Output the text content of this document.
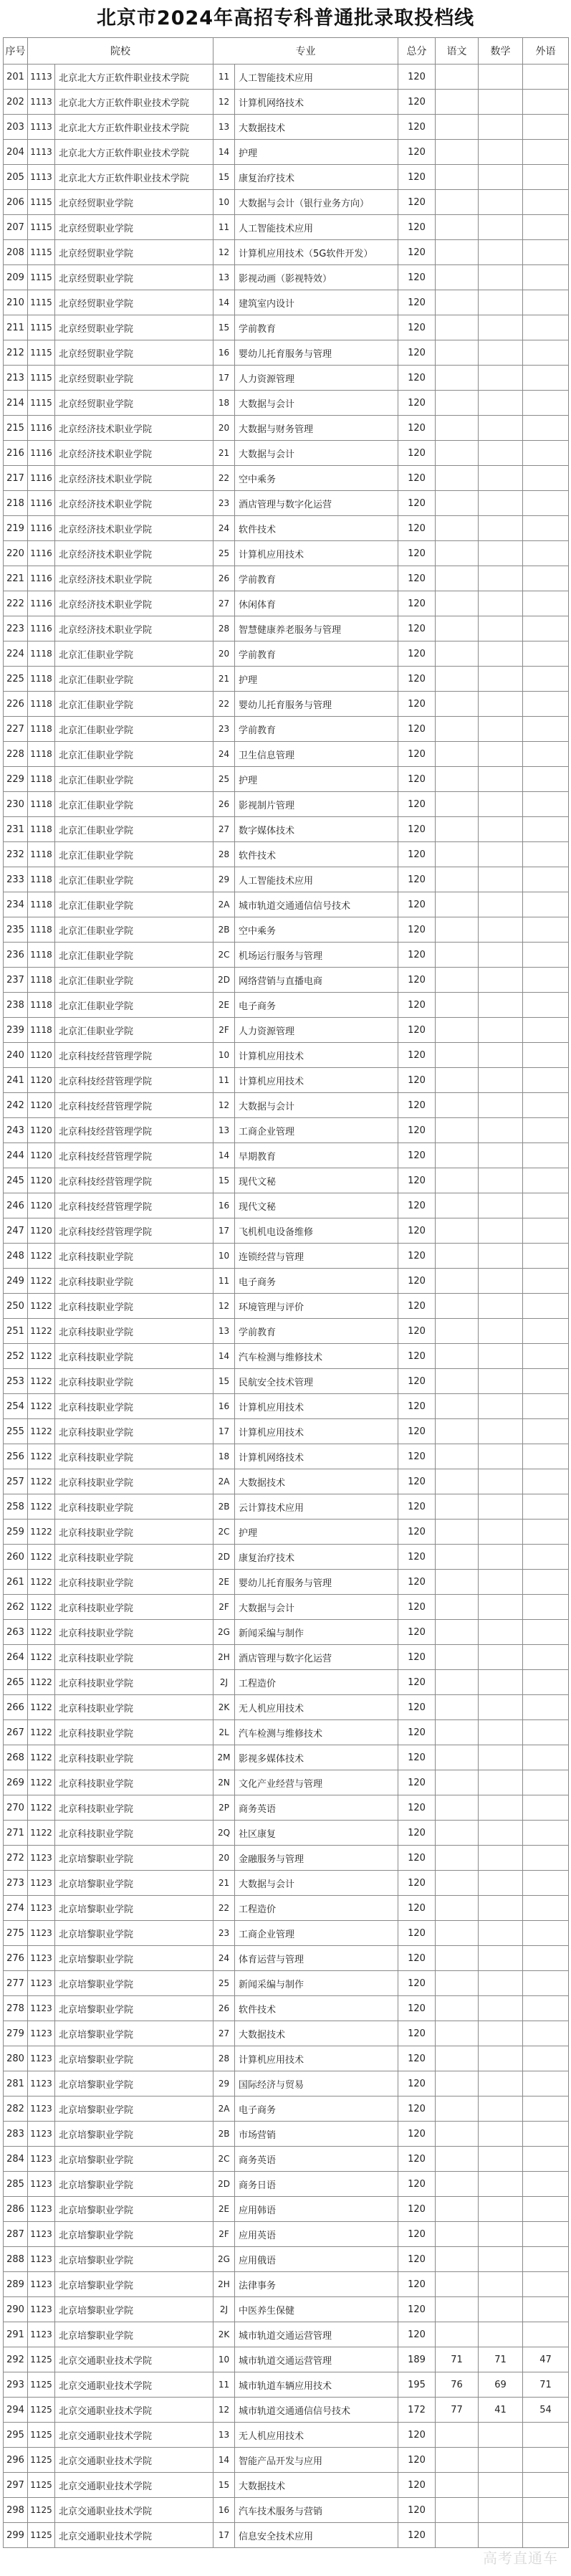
北京市2024年高招专科普通批录取投档线
序号	院校		专业		总分	语文	数学	外语
201	1113	北京北大方正软件职业技术学院	11	人工智能技术应用	120			
202	1113	北京北大方正软件职业技术学院	12	计算机网络技术	120			
203	1113	北京北大方正软件职业技术学院	13	大数据技术	120			
204	1113	北京北大方正软件职业技术学院	14	护理	120			
205	1113	北京北大方正软件职业技术学院	15	康复治疗技术	120			
206	1115	北京经贸职业学院	10	大数据与会计（银行业务方向）	120			
207	1115	北京经贸职业学院	11	人工智能技术应用	120			
208	1115	北京经贸职业学院	12	计算机应用技术（5G软件开发）	120			
209	1115	北京经贸职业学院	13	影视动画（影视特效）	120			
210	1115	北京经贸职业学院	14	建筑室内设计	120			
211	1115	北京经贸职业学院	15	学前教育	120			
212	1115	北京经贸职业学院	16	婴幼儿托育服务与管理	120			
213	1115	北京经贸职业学院	17	人力资源管理	120			
214	1115	北京经贸职业学院	18	大数据与会计	120			
215	1116	北京经济技术职业学院	20	大数据与财务管理	120			
216	1116	北京经济技术职业学院	21	大数据与会计	120			
217	1116	北京经济技术职业学院	22	空中乘务	120			
218	1116	北京经济技术职业学院	23	酒店管理与数字化运营	120			
219	1116	北京经济技术职业学院	24	软件技术	120			
220	1116	北京经济技术职业学院	25	计算机应用技术	120			
221	1116	北京经济技术职业学院	26	学前教育	120			
222	1116	北京经济技术职业学院	27	休闲体育	120			
223	1116	北京经济技术职业学院	28	智慧健康养老服务与管理	120			
224	1118	北京汇佳职业学院	20	学前教育	120			
225	1118	北京汇佳职业学院	21	护理	120			
226	1118	北京汇佳职业学院	22	婴幼儿托育服务与管理	120			
227	1118	北京汇佳职业学院	23	学前教育	120			
228	1118	北京汇佳职业学院	24	卫生信息管理	120			
229	1118	北京汇佳职业学院	25	护理	120			
230	1118	北京汇佳职业学院	26	影视制片管理	120			
231	1118	北京汇佳职业学院	27	数字媒体技术	120			
232	1118	北京汇佳职业学院	28	软件技术	120			
233	1118	北京汇佳职业学院	29	人工智能技术应用	120			
234	1118	北京汇佳职业学院	2A	城市轨道交通通信信号技术	120			
235	1118	北京汇佳职业学院	2B	空中乘务	120			
236	1118	北京汇佳职业学院	2C	机场运行服务与管理	120			
237	1118	北京汇佳职业学院	2D	网络营销与直播电商	120			
238	1118	北京汇佳职业学院	2E	电子商务	120			
239	1118	北京汇佳职业学院	2F	人力资源管理	120			
240	1120	北京科技经营管理学院	10	计算机应用技术	120			
241	1120	北京科技经营管理学院	11	计算机应用技术	120			
242	1120	北京科技经营管理学院	12	大数据与会计	120			
243	1120	北京科技经营管理学院	13	工商企业管理	120			
244	1120	北京科技经营管理学院	14	早期教育	120			
245	1120	北京科技经营管理学院	15	现代文秘	120			
246	1120	北京科技经营管理学院	16	现代文秘	120			
247	1120	北京科技经营管理学院	17	飞机机电设备维修	120			
248	1122	北京科技职业学院	10	连锁经营与管理	120			
249	1122	北京科技职业学院	11	电子商务	120			
250	1122	北京科技职业学院	12	环境管理与评价	120			
251	1122	北京科技职业学院	13	学前教育	120			
252	1122	北京科技职业学院	14	汽车检测与维修技术	120			
253	1122	北京科技职业学院	15	民航安全技术管理	120			
254	1122	北京科技职业学院	16	计算机应用技术	120			
255	1122	北京科技职业学院	17	计算机应用技术	120			
256	1122	北京科技职业学院	18	计算机网络技术	120			
257	1122	北京科技职业学院	2A	大数据技术	120			
258	1122	北京科技职业学院	2B	云计算技术应用	120			
259	1122	北京科技职业学院	2C	护理	120			
260	1122	北京科技职业学院	2D	康复治疗技术	120			
261	1122	北京科技职业学院	2E	婴幼儿托育服务与管理	120			
262	1122	北京科技职业学院	2F	大数据与会计	120			
263	1122	北京科技职业学院	2G	新闻采编与制作	120			
264	1122	北京科技职业学院	2H	酒店管理与数字化运营	120			
265	1122	北京科技职业学院	2J	工程造价	120			
266	1122	北京科技职业学院	2K	无人机应用技术	120			
267	1122	北京科技职业学院	2L	汽车检测与维修技术	120			
268	1122	北京科技职业学院	2M	影视多媒体技术	120			
269	1122	北京科技职业学院	2N	文化产业经营与管理	120			
270	1122	北京科技职业学院	2P	商务英语	120			
271	1122	北京科技职业学院	2Q	社区康复	120			
272	1123	北京培黎职业学院	20	金融服务与管理	120			
273	1123	北京培黎职业学院	21	大数据与会计	120			
274	1123	北京培黎职业学院	22	工程造价	120			
275	1123	北京培黎职业学院	23	工商企业管理	120			
276	1123	北京培黎职业学院	24	体育运营与管理	120			
277	1123	北京培黎职业学院	25	新闻采编与制作	120			
278	1123	北京培黎职业学院	26	软件技术	120			
279	1123	北京培黎职业学院	27	大数据技术	120			
280	1123	北京培黎职业学院	28	计算机应用技术	120			
281	1123	北京培黎职业学院	29	国际经济与贸易	120			
282	1123	北京培黎职业学院	2A	电子商务	120			
283	1123	北京培黎职业学院	2B	市场营销	120			
284	1123	北京培黎职业学院	2C	商务英语	120			
285	1123	北京培黎职业学院	2D	商务日语	120			
286	1123	北京培黎职业学院	2E	应用韩语	120			
287	1123	北京培黎职业学院	2F	应用英语	120			
288	1123	北京培黎职业学院	2G	应用俄语	120			
289	1123	北京培黎职业学院	2H	法律事务	120			
290	1123	北京培黎职业学院	2J	中医养生保健	120			
291	1123	北京培黎职业学院	2K	城市轨道交通运营管理	120			
292	1125	北京交通职业技术学院	10	城市轨道交通运营管理	189	71	71	47
293	1125	北京交通职业技术学院	11	城市轨道车辆应用技术	195	76	69	71
294	1125	北京交通职业技术学院	12	城市轨道交通通信信号技术	172	77	41	54
295	1125	北京交通职业技术学院	13	无人机应用技术	120			
296	1125	北京交通职业技术学院	14	智能产品开发与应用	120			
297	1125	北京交通职业技术学院	15	大数据技术	120			
298	1125	北京交通职业技术学院	16	汽车技术服务与营销	120			
299	1125	北京交通职业技术学院	17	信息安全技术应用	120			
高考直通车
